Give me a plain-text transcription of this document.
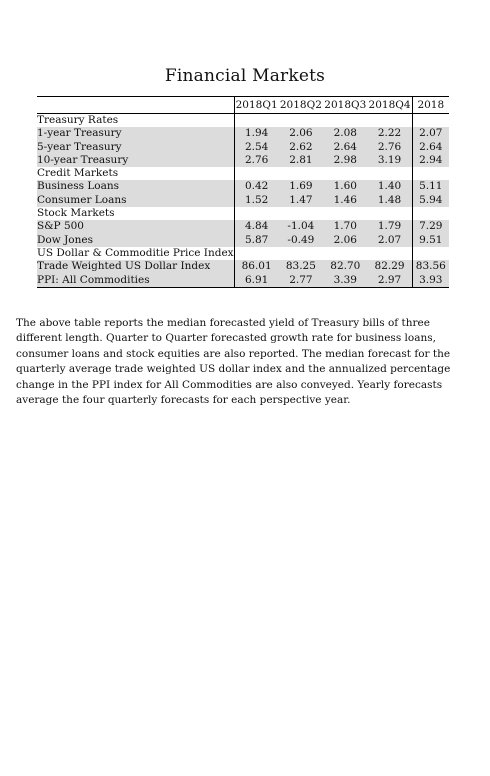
Financial Markets
	2018Q1	2018Q2	2018Q3	2018Q4	2018
Treasury Rates					
1-year Treasury	1.94	2.06	2.08	2.22	2.07
5-year Treasury	2.54	2.62	2.64	2.76	2.64
10-year Treasury	2.76	2.81	2.98	3.19	2.94
Credit Markets					
Business Loans	0.42	1.69	1.60	1.40	5.11
Consumer Loans	1.52	1.47	1.46	1.48	5.94
Stock Markets					
S&P 500	4.84	-1.04	1.70	1.79	7.29
Dow Jones	5.87	-0.49	2.06	2.07	9.51
US Dollar & Commoditie Price Index					
Trade Weighted US Dollar Index	86.01	83.25	82.70	82.29	83.56
PPI: All Commodities	6.91	2.77	3.39	2.97	3.93

The above table reports the median forecasted yield of Treasury bills of three different length. Quarter to Quarter forecasted growth rate for business loans, consumer loans and stock equities are also reported. The median forecast for the quarterly average trade weighted US dollar index and the annualized percentage change in the PPI index for All Commodities are also conveyed. Yearly forecasts average the four quarterly forecasts for each perspective year.
